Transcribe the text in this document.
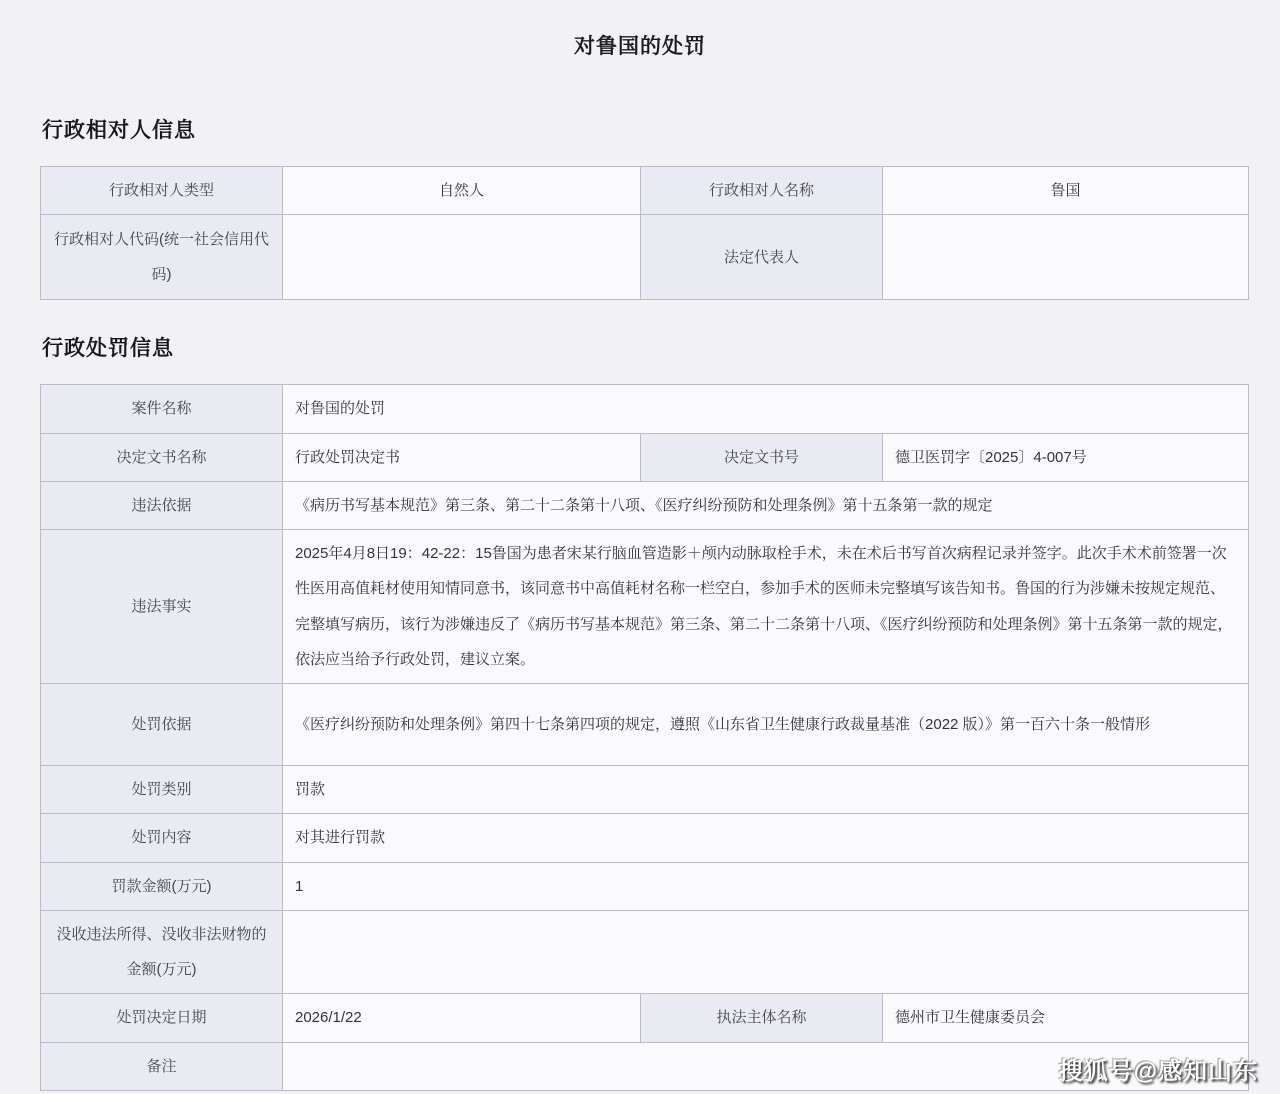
对鲁国的处罚
行政相对人信息
行政相对人类型	自然人	行政相对人名称	鲁国
行政相对人代码(统一社会信用代码)		法定代表人	
行政处罚信息
案件名称	对鲁国的处罚		
决定文书名称	行政处罚决定书	决定文书号	德卫医罚字〔2025〕4-007号
违法依据	《病历书写基本规范》第三条、第二十二条第十八项、《医疗纠纷预防和处理条例》第十五条第一款的规定		
违法事实	2025年4月8日19：42-22：15鲁国为患者宋某行脑血管造影＋颅内动脉取栓手术，未在术后书写首次病程记录并签字。此次手术术前签署一次性医用高值耗材使用知情同意书，该同意书中高值耗材名称一栏空白，参加手术的医师未完整填写该告知书。鲁国的行为涉嫌未按规定规范、完整填写病历，该行为涉嫌违反了《病历书写基本规范》第三条、第二十二条第十八项、《医疗纠纷预防和处理条例》第十五条第一款的规定，依法应当给予行政处罚，建议立案。		
处罚依据	《医疗纠纷预防和处理条例》第四十七条第四项的规定，遵照《山东省卫生健康行政裁量基准（2022 版）》第一百六十条一般情形		
处罚类别	罚款		
处罚内容	对其进行罚款		
罚款金额(万元)	1		
没收违法所得、没收非法财物的金额(万元)			
处罚决定日期	2026/1/22	执法主体名称	德州市卫生健康委员会
备注				搜狐号@感知山东
